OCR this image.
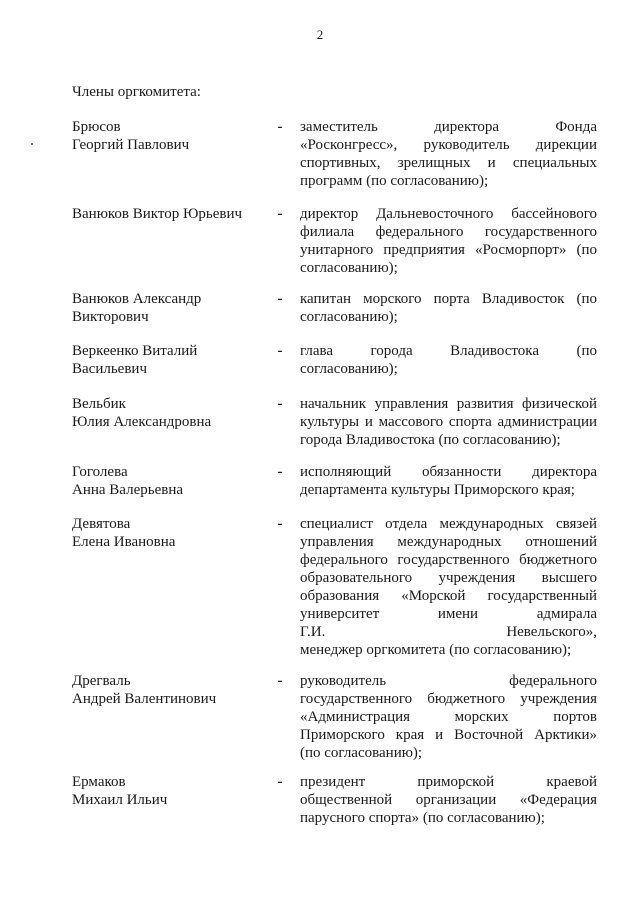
2
Члены оргкомитета:
Брюсов
Георгий Павлович
- заместитель директора Фонда
«Росконгресс», руководитель дирекции
спортивных, зрелищных и специальных
программ (по согласованию);
Ванюков Виктор Юрьевич	- директор Дальневосточного бассейнового
филиала федерального государственного
унитарного предприятия «Росморпорт» (по
согласованию);
Ванюков Александр
Викторович
- капитан морского порта Владивосток (по
согласованию);
Веркеенко Виталий
Васильевич
- глава города Владивостока (по
согласованию);
Вельбик
Юлия Александровна
- начальник управления развития физической
культуры и массового спорта администрации
города Владивостока (по согласованию);
Гоголева
Анна Валерьевна
- исполняющий обязанности директора
департамента культуры Приморского края;
Девятова
Елена Ивановна
- специалист отдела международных связей
управления международных отношений
федерального государственного бюджетного
образовательного учреждения высшего
образования «Морской государственный
университет имени адмирала
Г.И. Невельского»,
менеджер оргкомитета (по согласованию);
Дрегваль
Андрей Валентинович
- руководитель федерального
государственного бюджетного учреждения
«Администрация морских портов
Приморского края и Восточной Арктики»
(по согласованию);
Ермаков
Михаил Ильич
- президент приморской краевой
общественной организации «Федерация
парусного спорта» (по согласованию);
